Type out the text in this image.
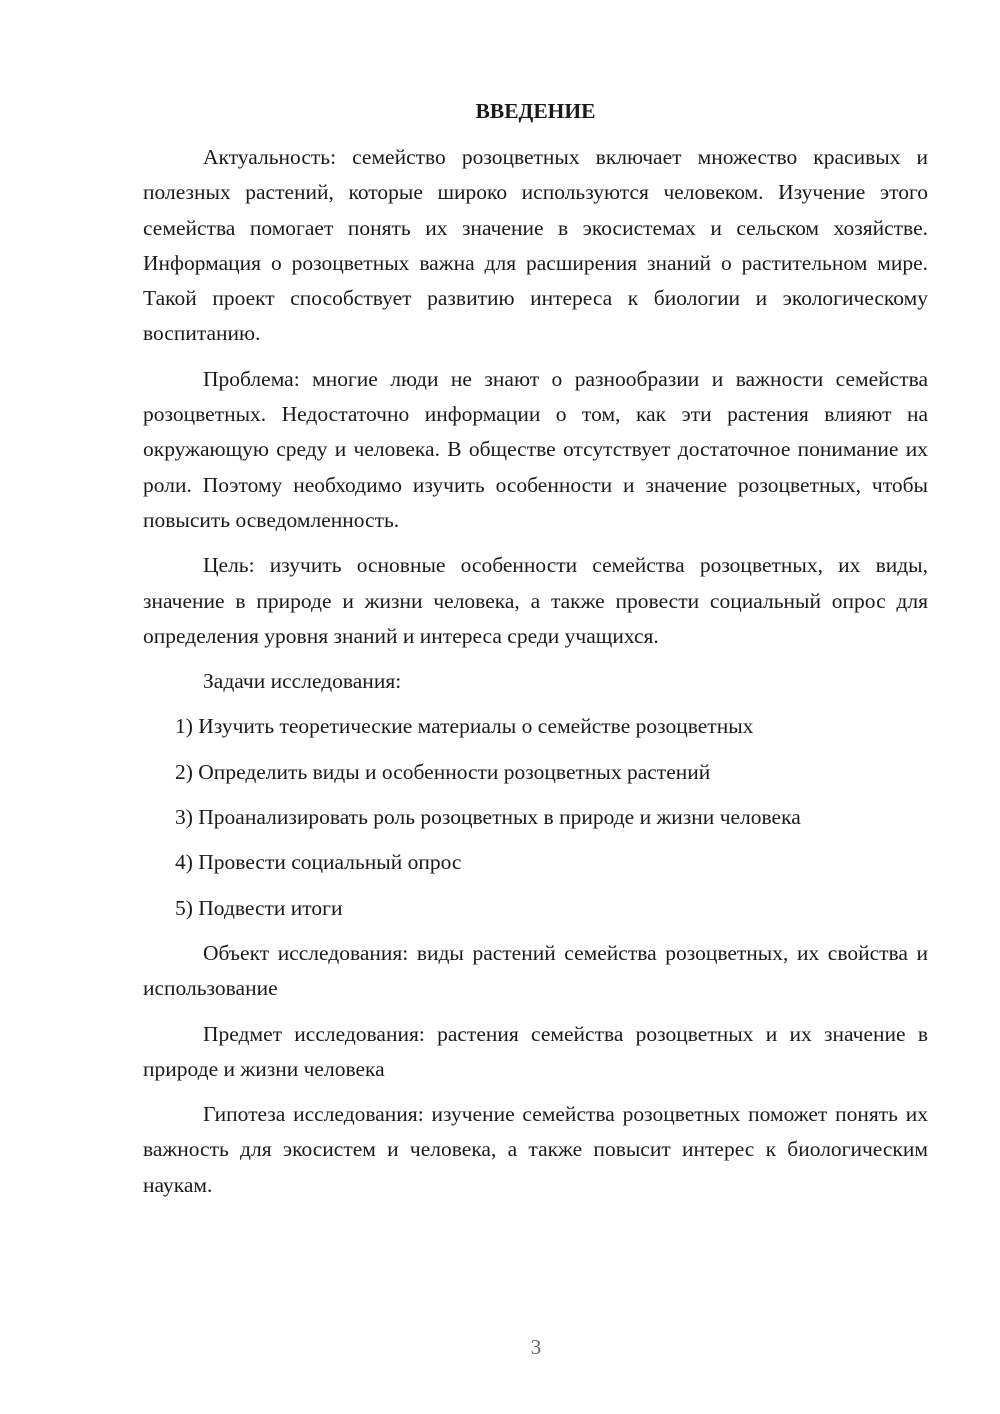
ВВЕДЕНИЕ

Актуальность: семейство розоцветных включает множество красивых и полезных растений, которые широко используются человеком. Изучение этого семейства помогает понять их значение в экосистемах и сельском хозяйстве. Информация о розоцветных важна для расширения знаний о растительном мире. Такой проект способствует развитию интереса к биологии и экологическому воспитанию.

Проблема: многие люди не знают о разнообразии и важности семейства розоцветных. Недостаточно информации о том, как эти растения влияют на окружающую среду и человека. В обществе отсутствует достаточное понимание их роли. Поэтому необходимо изучить особенности и значение розоцветных, чтобы повысить осведомленность.

Цель: изучить основные особенности семейства розоцветных, их виды, значение в природе и жизни человека, а также провести социальный опрос для определения уровня знаний и интереса среди учащихся.

Задачи исследования:

1) Изучить теоретические материалы о семействе розоцветных
2) Определить виды и особенности розоцветных растений
3) Проанализировать роль розоцветных в природе и жизни человека
4) Провести социальный опрос
5) Подвести итоги

Объект исследования: виды растений семейства розоцветных, их свойства и использование

Предмет исследования: растения семейства розоцветных и их значение в природе и жизни человека

Гипотеза исследования: изучение семейства розоцветных поможет понять их важность для экосистем и человека, а также повысит интерес к биологическим наукам.

3
